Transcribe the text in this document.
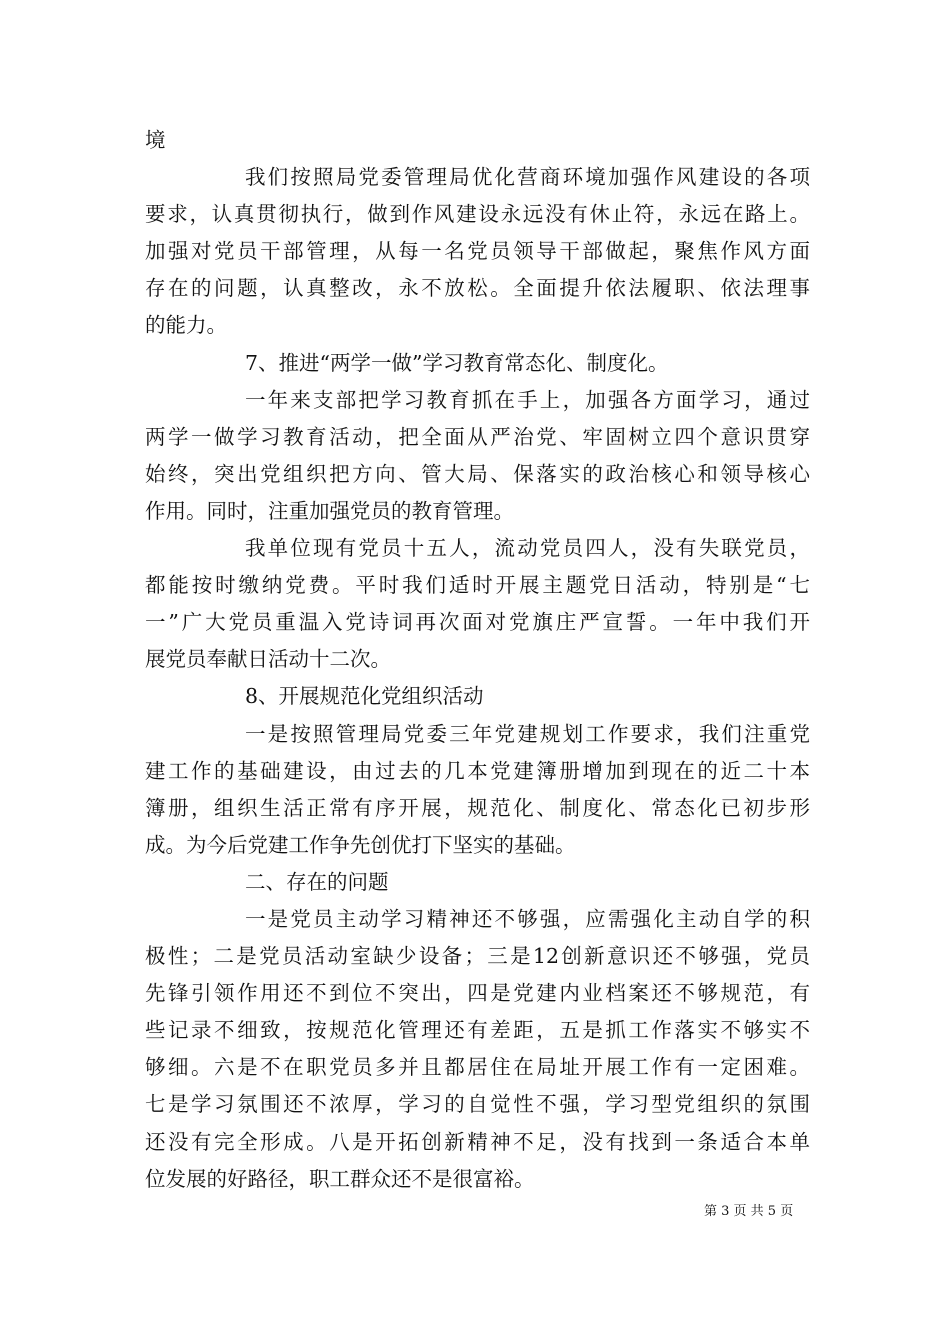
境
我们按照局党委管理局优化营商环境加强作风建设的各项
要求，认真贯彻执行，做到作风建设永远没有休止符，永远在路上。
加强对党员干部管理，从每一名党员领导干部做起，聚焦作风方面
存在的问题，认真整改，永不放松。全面提升依法履职、依法理事
的能力。
7、推进“两学一做”学习教育常态化、制度化。
一年来支部把学习教育抓在手上，加强各方面学习，通过
两学一做学习教育活动，把全面从严治党、牢固树立四个意识贯穿
始终，突出党组织把方向、管大局、保落实的政治核心和领导核心
作用。同时，注重加强党员的教育管理。
我单位现有党员十五人，流动党员四人，没有失联党员，
都能按时缴纳党费。平时我们适时开展主题党日活动，特别是“七
一”广大党员重温入党诗词再次面对党旗庄严宣誓。一年中我们开
展党员奉献日活动十二次。
8、开展规范化党组织活动
一是按照管理局党委三年党建规划工作要求，我们注重党
建工作的基础建设，由过去的几本党建簿册增加到现在的近二十本
簿册，组织生活正常有序开展，规范化、制度化、常态化已初步形
成。为今后党建工作争先创优打下坚实的基础。
二、存在的问题
一是党员主动学习精神还不够强，应需强化主动自学的积
极性；二是党员活动室缺少设备；三是12创新意识还不够强，党员
先锋引领作用还不到位不突出，四是党建内业档案还不够规范，有
些记录不细致，按规范化管理还有差距，五是抓工作落实不够实不
够细。六是不在职党员多并且都居住在局址开展工作有一定困难。
七是学习氛围还不浓厚，学习的自觉性不强，学习型党组织的氛围
还没有完全形成。八是开拓创新精神不足，没有找到一条适合本单
位发展的好路径，职工群众还不是很富裕。
第 3 页 共 5 页
